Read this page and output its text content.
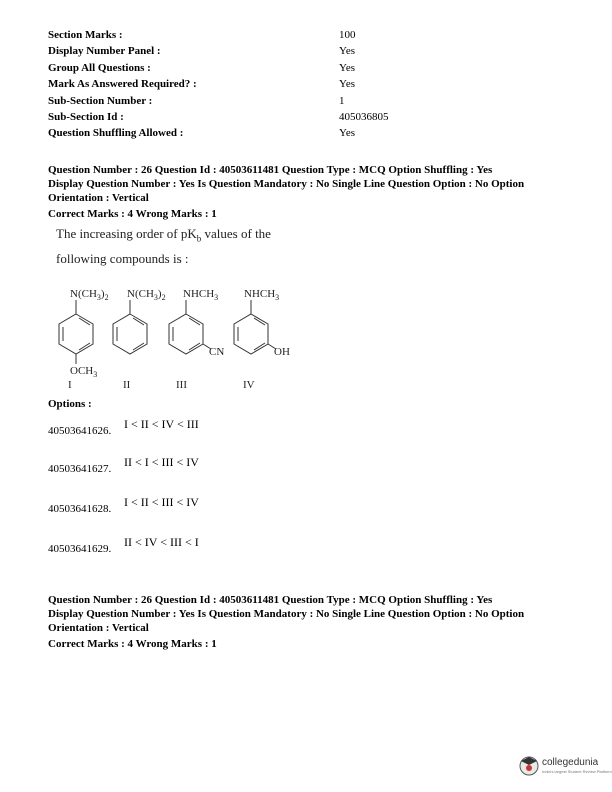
Section Marks :	100
Display Number Panel :	Yes
Group All Questions :	Yes
Mark As Answered Required? :	Yes
Sub-Section Number :	1
Sub-Section Id :	405036805
Question Shuffling Allowed :	Yes
Question Number : 26 Question Id : 40503611481 Question Type : MCQ Option Shuffling : Yes
Display Question Number : Yes Is Question Mandatory : No Single Line Question Option : No Option
Orientation : Vertical
Correct Marks : 4 Wrong Marks : 1
The increasing order of $pK_b$ values of the
following compounds is :
$N(CH_3)_2$ $N(CH_3)_2$ $NHCH_3$ $NHCH_3$
$OCH_3$
CN	OH
I	II	III	IV
Options :
40503641626. I < II < IV < III
40503641627. II < I < III < IV
40503641628. I < II < III < IV
40503641629. II < IV < III < I
Question Number : 26 Question Id : 40503611481 Question Type : MCQ Option Shuffling : Yes
Display Question Number : Yes Is Question Mandatory : No Single Line Question Option : No Option
Orientation : Vertical
Correct Marks : 4 Wrong Marks : 1
collegedunia
India's largest Student Review Platform
